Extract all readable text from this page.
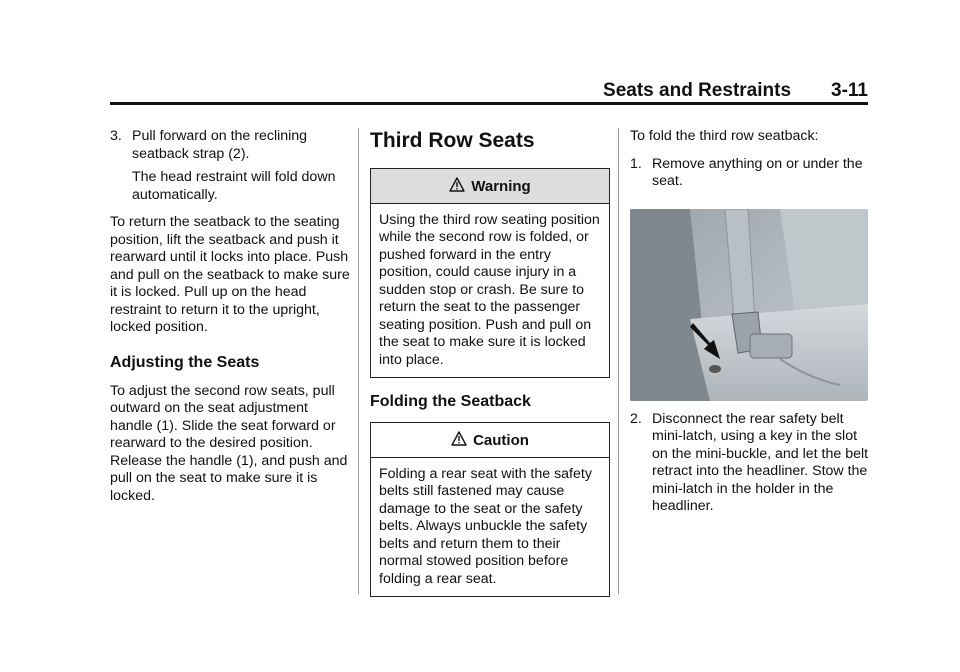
Seats and Restraints 3-11
3. Pull forward on the reclining seatback strap (2).
The head restraint will fold down automatically.

To return the seatback to the seating position, lift the seatback and push it rearward until it locks into place. Push and pull on the seatback to make sure it is locked. Pull up on the head restraint to return it to the upright, locked position.

Adjusting the Seats

To adjust the second row seats, pull outward on the seat adjustment handle (1). Slide the seat forward or rearward to the desired position. Release the handle (1), and push and pull on the seat to make sure it is locked.

Third Row Seats
Warning
Using the third row seating position while the second row is folded, or pushed forward in the entry position, could cause injury in a sudden stop or crash. Be sure to return the seat to the passenger seating position. Push and pull on the seat to make sure it is locked into place.
Folding the Seatback
Caution
Folding a rear seat with the safety belts still fastened may cause damage to the seat or the safety belts. Always unbuckle the safety belts and return them to their normal stowed position before folding a rear seat.

To fold the third row seatback:

1. Remove anything on or under the seat.
2. Disconnect the rear safety belt mini-latch, using a key in the slot on the mini-buckle, and let the belt retract into the headliner. Stow the mini-latch in the holder in the headliner.
